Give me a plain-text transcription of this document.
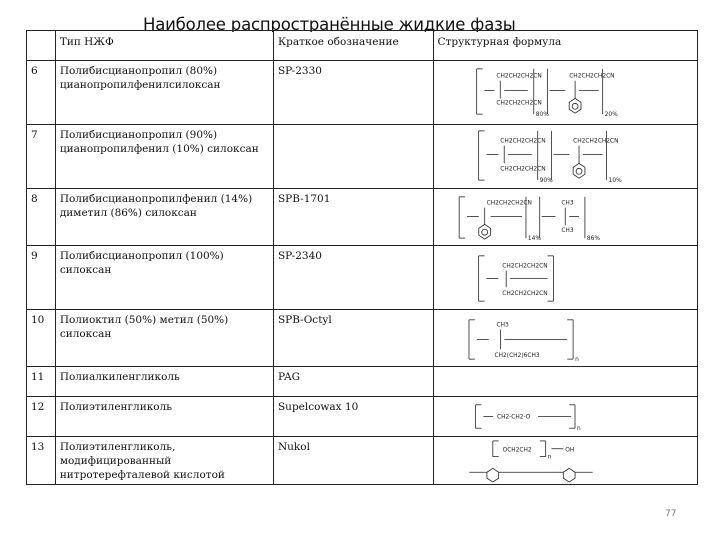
Наиболее распространённые жидкие фазы
	Тип НЖФ	Краткое обозначение	Структурная формула
6	Полибисцианопропил (80%) цианопропилфенилсилоксан	SP-2330	CH2CH2CH2CN
CH2CH2CH2CN
80%
CH2CH2CH2CN
20%

7	Полибисцианопропил (90%) цианопропилфенил (10%) силоксан		CH2CH2CH2CN
CH2CH2CH2CN
90%
CH2CH2CH2CN
10%

8	Полибисцианопропилфенил (14%) диметил (86%) силоксан	SPB-1701	CH2CH2CH2CN
14%
CH3
CH3
86%

9	Полибисцианопропил (100%) силоксан	SP-2340	CH2CH2CH2CN
CH2CH2CH2CN

10	Полиоктил (50%) метил (50%) силоксан	SPB-Octyl	CH3
CH2(CH2)6CH3
n

11	Полиалкиленгликоль	PAG	
12	Полиэтиленгликоль	Supelcowax 10	CH2-CH2-O
n

13	Полиэтиленгликоль, модифицированный нитротерефталевой кислотой	Nukol	OCH2CH2
n
OH
77
